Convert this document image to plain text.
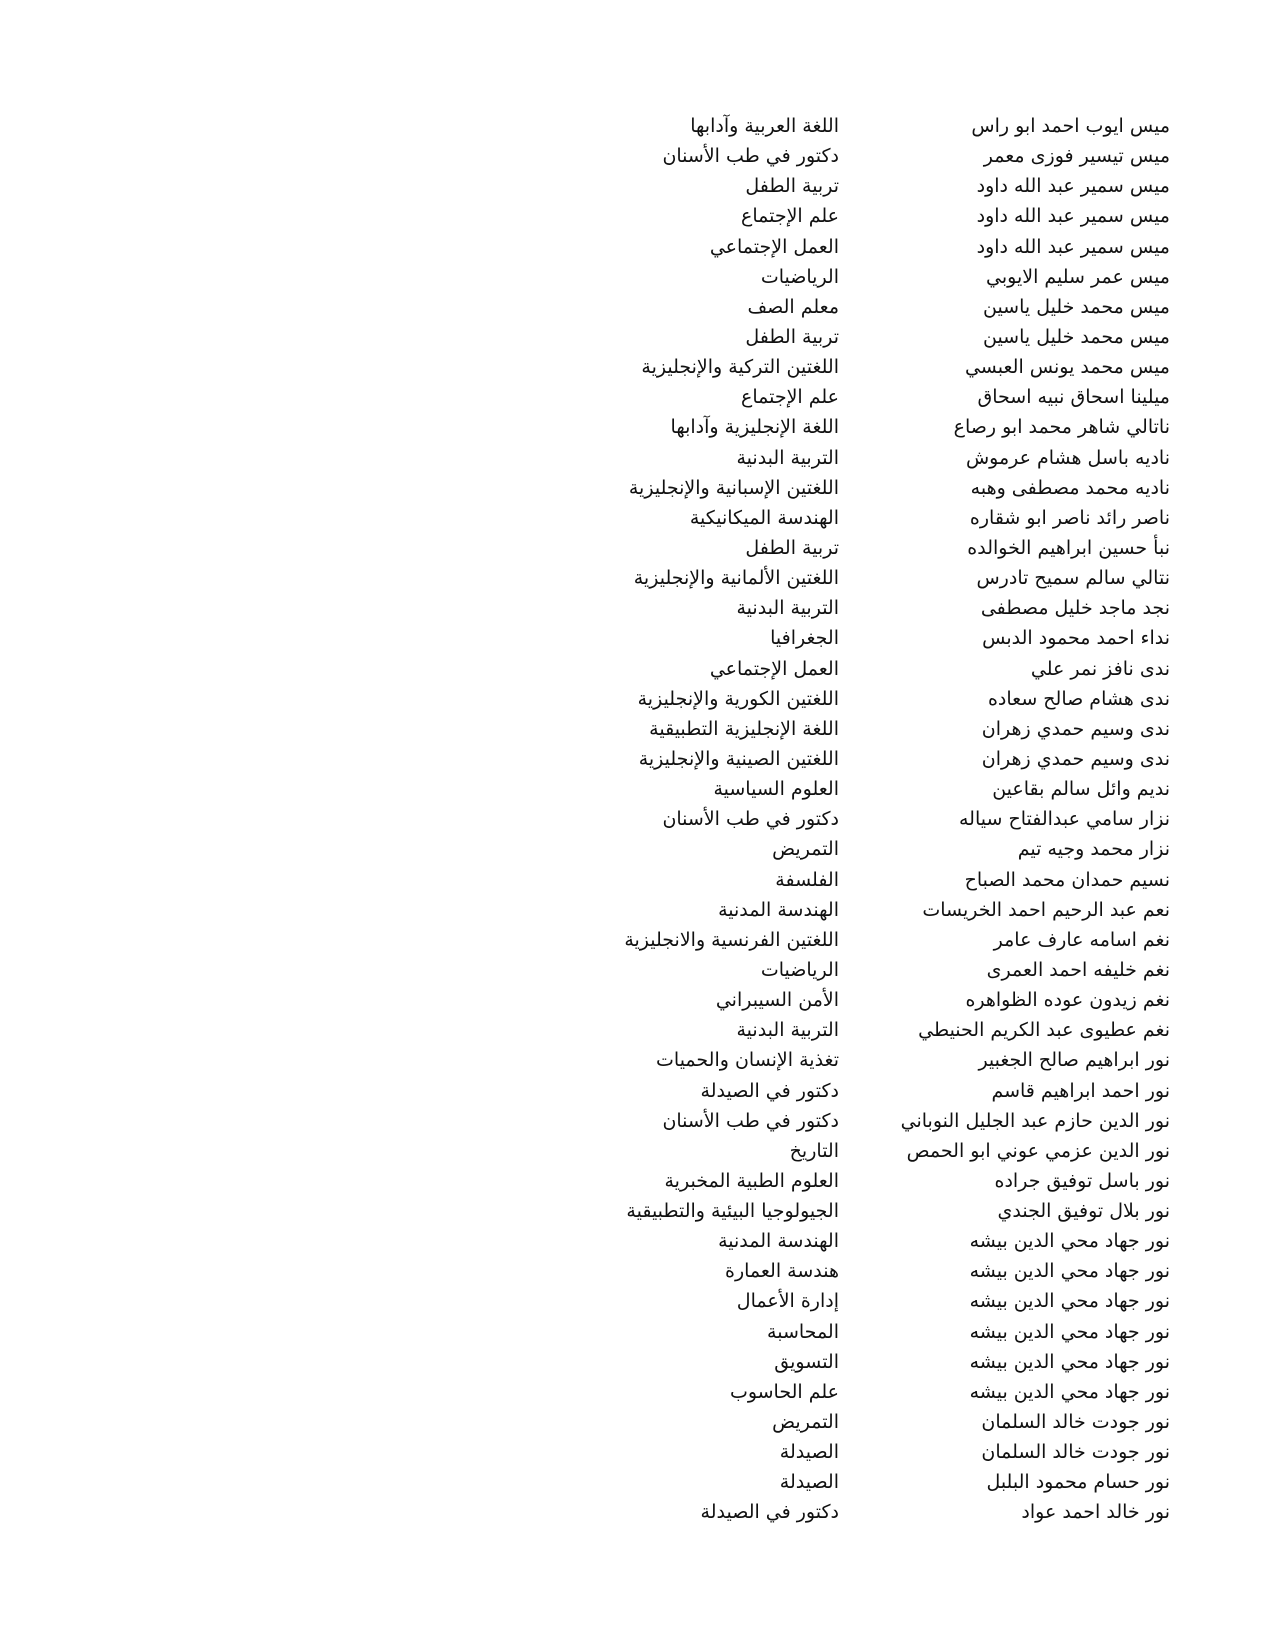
ميس ايوب احمد ابو راس
اللغة العربية وآدابها
ميس تيسير فوزى معمر
دكتور في طب الأسنان
ميس سمير عبد الله داود
تربية الطفل
ميس سمير عبد الله داود
علم الإجتماع
ميس سمير عبد الله داود
العمل الإجتماعي
ميس عمر سليم الايوبي
الرياضيات
ميس محمد خليل ياسين
معلم الصف
ميس محمد خليل ياسين
تربية الطفل
ميس محمد يونس العبسي
اللغتين التركية والإنجليزية
ميلينا اسحاق نبيه اسحاق
علم الإجتماع
ناتالي شاهر محمد ابو رصاع
اللغة الإنجليزية وآدابها
ناديه باسل هشام عرموش
التربية البدنية
ناديه محمد مصطفى وهبه
اللغتين الإسبانية والإنجليزية
ناصر رائد ناصر ابو شقاره
الهندسة الميكانيكية
نبأ حسين ابراهيم الخوالده
تربية الطفل
نتالي سالم سميح تادرس
اللغتين الألمانية والإنجليزية
نجد ماجد خليل مصطفى
التربية البدنية
نداء احمد محمود الدبس
الجغرافيا
ندى نافز نمر علي
العمل الإجتماعي
ندى هشام صالح سعاده
اللغتين الكورية والإنجليزية
ندى وسيم حمدي زهران
اللغة الإنجليزية التطبيقية
ندى وسيم حمدي زهران
اللغتين الصينية والإنجليزية
نديم وائل سالم بقاعين
العلوم السياسية
نزار سامي عبدالفتاح سياله
دكتور في طب الأسنان
نزار محمد وجيه تيم
التمريض
نسيم حمدان محمد الصباح
الفلسفة
نعم عبد الرحيم احمد الخريسات
الهندسة المدنية
نغم اسامه عارف عامر
اللغتين الفرنسية والانجليزية
نغم خليفه احمد العمرى
الرياضيات
نغم زيدون عوده الظواهره
الأمن السيبراني
نغم عطيوى عبد الكريم الحنيطي
التربية البدنية
نور ابراهيم صالح الجغبير
تغذية الإنسان والحميات
نور احمد ابراهيم قاسم
دكتور في الصيدلة
نور الدين حازم عبد الجليل النوباني
دكتور في طب الأسنان
نور الدين عزمي عوني ابو الحمص
التاريخ
نور باسل توفيق جراده
العلوم الطبية المخبرية
نور بلال توفيق الجندي
الجيولوجيا البيئية والتطبيقية
نور جهاد محي الدين بيشه
الهندسة المدنية
نور جهاد محي الدين بيشه
هندسة العمارة
نور جهاد محي الدين بيشه
إدارة الأعمال
نور جهاد محي الدين بيشه
المحاسبة
نور جهاد محي الدين بيشه
التسويق
نور جهاد محي الدين بيشه
علم الحاسوب
نور جودت خالد السلمان
التمريض
نور جودت خالد السلمان
الصيدلة
نور حسام محمود البلبل
الصيدلة
نور خالد احمد عواد
دكتور في الصيدلة
